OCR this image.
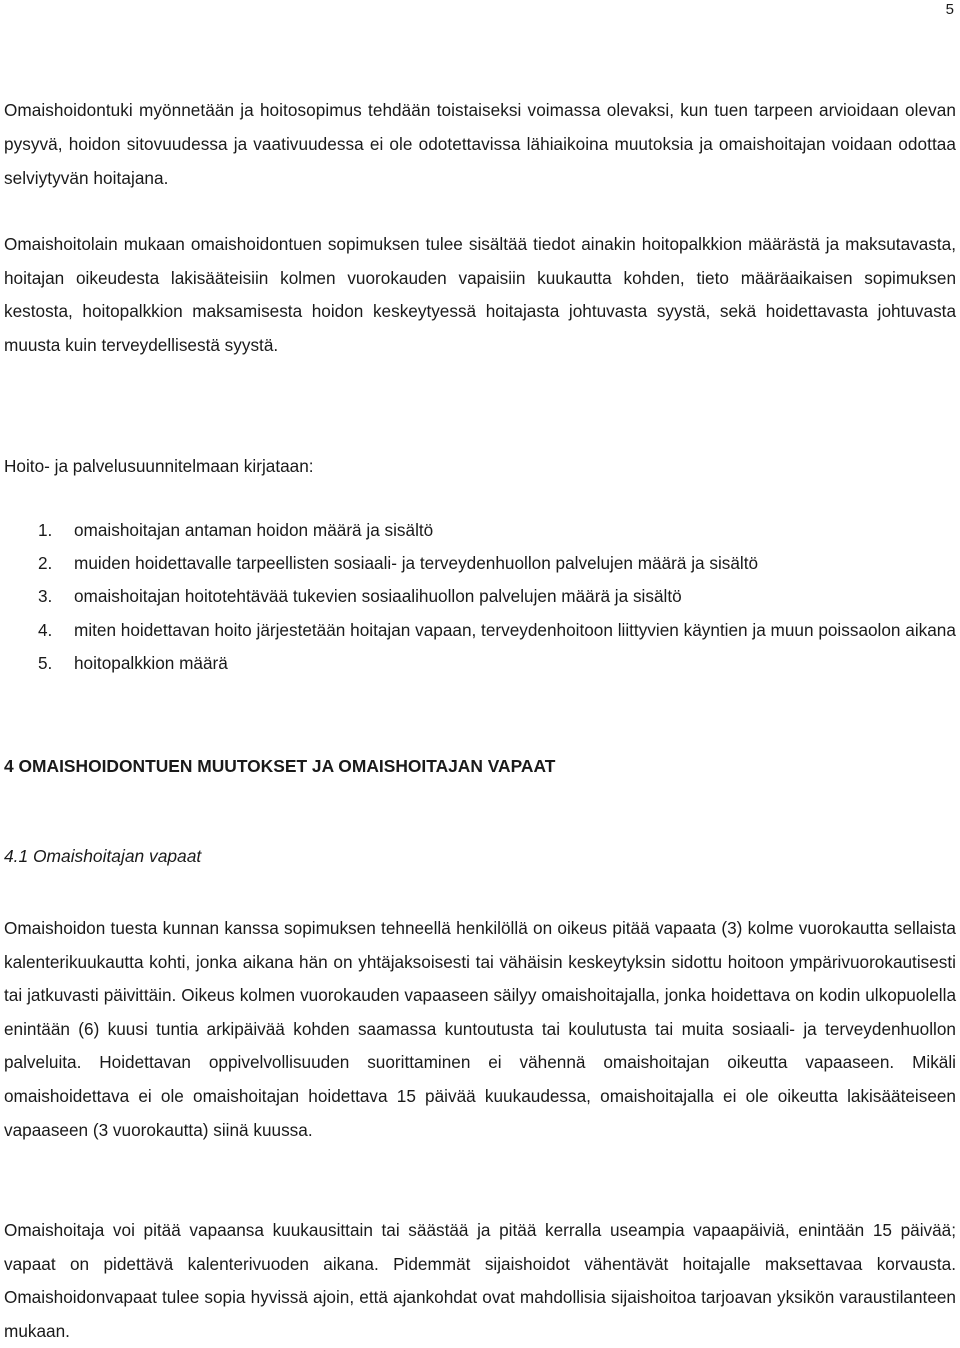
5

Omaishoidontuki myönnetään ja hoitosopimus tehdään toistaiseksi voimassa olevaksi, kun tuen tarpeen arvioidaan olevan pysyvä, hoidon sitovuudessa ja vaativuudessa ei ole odotettavissa lähiaikoina muutoksia ja omaishoitajan voidaan odottaa selviytyvän hoitajana.

Omaishoitolain mukaan omaishoidontuen sopimuksen tulee sisältää tiedot ainakin hoitopalkkion määrästä ja maksutavasta, hoitajan oikeudesta lakisääteisiin kolmen vuorokauden vapaisiin kuukautta kohden, tieto määräaikaisen sopimuksen kestosta, hoitopalkkion maksamisesta hoidon keskeytyessä hoitajasta johtuvasta syystä, sekä hoidettavasta johtuvasta muusta kuin terveydellisestä syystä.

Hoito- ja palvelusuunnitelmaan kirjataan:

1. omaishoitajan antaman hoidon määrä ja sisältö
2. muiden hoidettavalle tarpeellisten sosiaali- ja terveydenhuollon palvelujen määrä ja sisältö
3. omaishoitajan hoitotehtävää tukevien sosiaalihuollon palvelujen määrä ja sisältö
4. miten hoidettavan hoito järjestetään hoitajan vapaan, terveydenhoitoon liittyvien käyntien ja muun poissaolon aikana
5. hoitopalkkion määrä
4 OMAISHOIDONTUEN MUUTOKSET JA OMAISHOITAJAN VAPAAT
4.1 Omaishoitajan vapaat

Omaishoidon tuesta kunnan kanssa sopimuksen tehneellä henkilöllä on oikeus pitää vapaata (3) kolme vuorokautta sellaista kalenterikuukautta kohti, jonka aikana hän on yhtäjaksoisesti tai vähäisin keskeytyksin sidottu hoitoon ympärivuorokautisesti tai jatkuvasti päivittäin. Oikeus kolmen vuorokauden vapaaseen säilyy omaishoitajalla, jonka hoidettava on kodin ulkopuolella enintään (6) kuusi tuntia arkipäivää kohden saamassa kuntoutusta tai koulutusta tai muita sosiaali- ja terveydenhuollon palveluita. Hoidettavan oppivelvollisuuden suorittaminen ei vähennä omaishoitajan oikeutta vapaaseen. Mikäli omaishoidettava ei ole omaishoitajan hoidettava 15 päivää kuukaudessa, omaishoitajalla ei ole oikeutta lakisääteiseen vapaaseen (3 vuorokautta) siinä kuussa.

Omaishoitaja voi pitää vapaansa kuukausittain tai säästää ja pitää kerralla useampia vapaapäiviä, enintään 15 päivää; vapaat on pidettävä kalenterivuoden aikana. Pidemmät sijaishoidot vähentävät hoitajalle maksettavaa korvausta. Omaishoidonvapaat tulee sopia hyvissä ajoin, että ajankohdat ovat mahdollisia sijaishoitoa tarjoavan yksikön varaustilanteen mukaan.
